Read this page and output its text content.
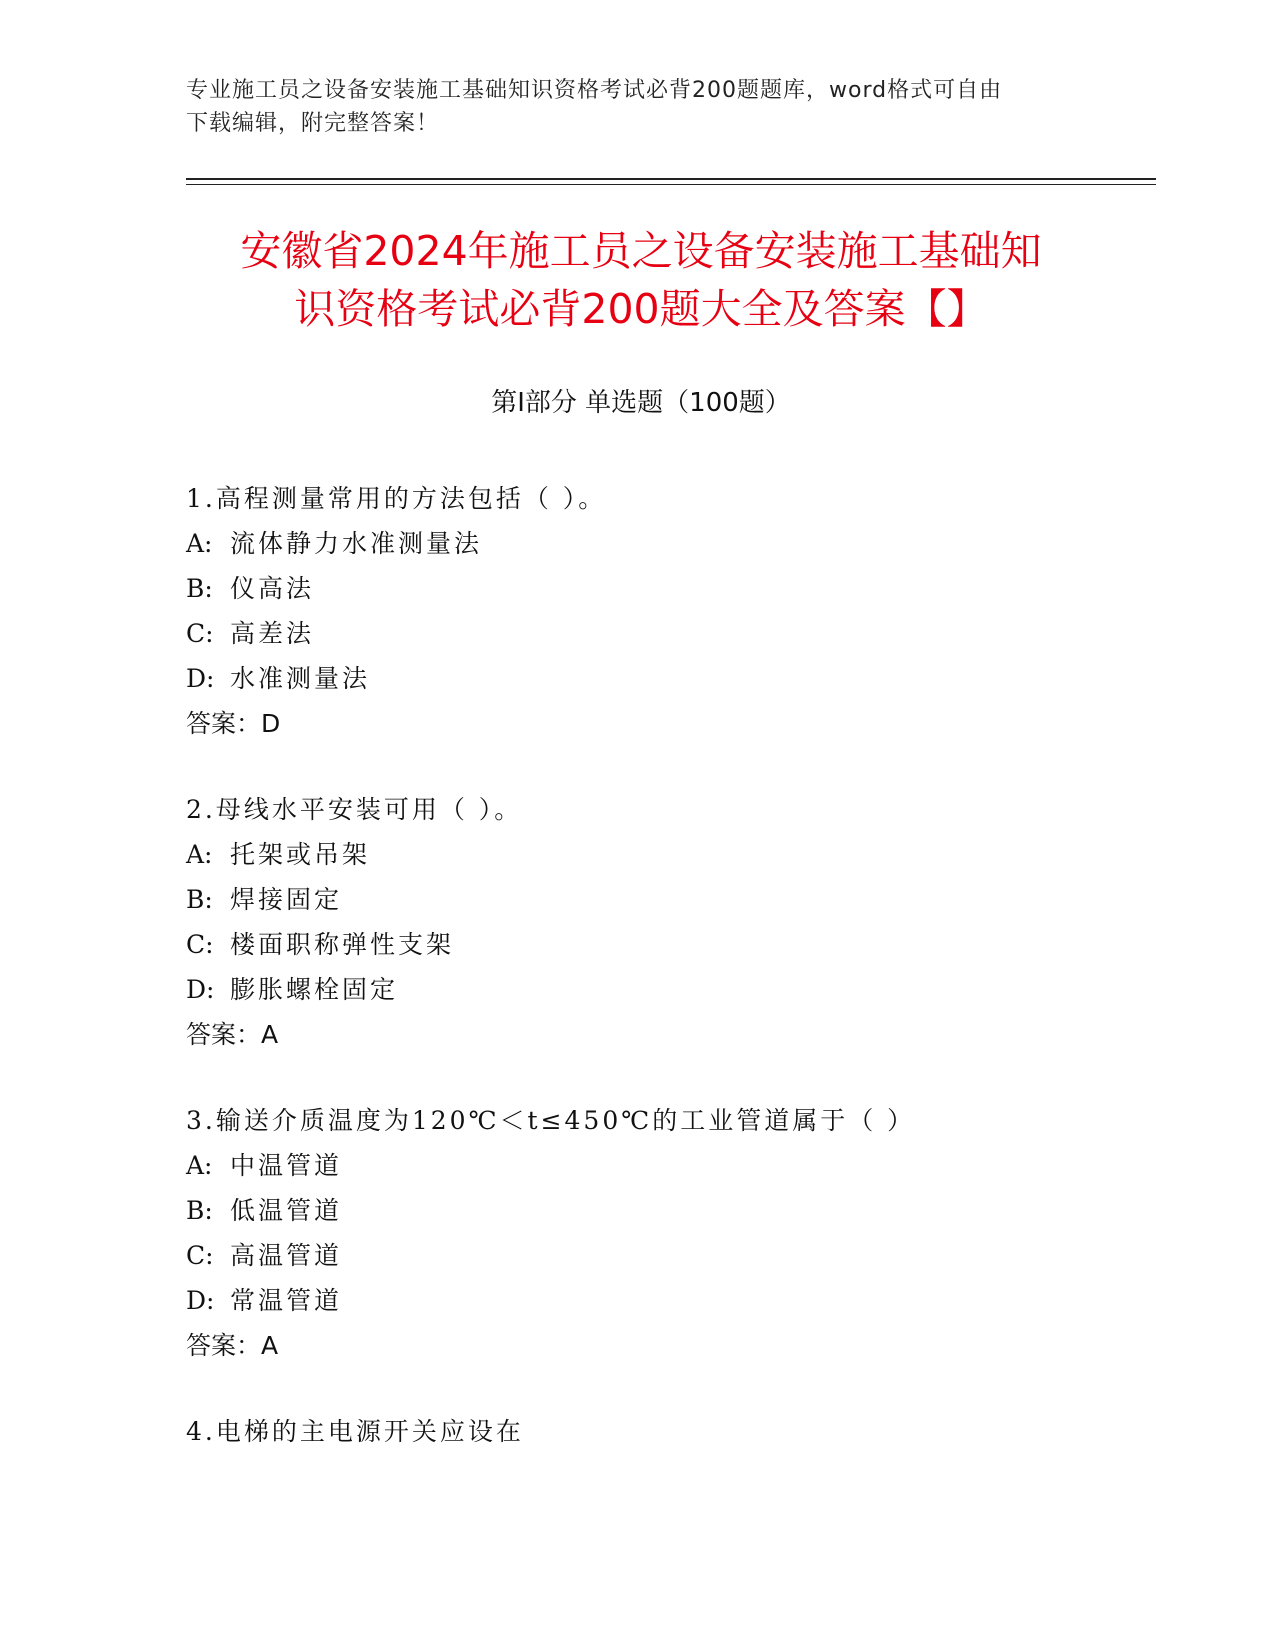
专业施工员之设备安装施工基础知识资格考试必背200题题库，word格式可自由
下载编辑，附完整答案！
安徽省2024年施工员之设备安装施工基础知
识资格考试必背200题大全及答案【】
第Ⅰ部分 单选题（100题）
1.高程测量常用的方法包括（ ）。
A: 流体静力水准测量法
B: 仪高法
C: 高差法
D: 水准测量法
答案：D
2.母线水平安装可用（ ）。
A: 托架或吊架
B: 焊接固定
C: 楼面职称弹性支架
D: 膨胀螺栓固定
答案：A
3.输送介质温度为120℃＜t≤450℃的工业管道属于（ ）
A: 中温管道
B: 低温管道
C: 高温管道
D: 常温管道
答案：A
4.电梯的主电源开关应设在
